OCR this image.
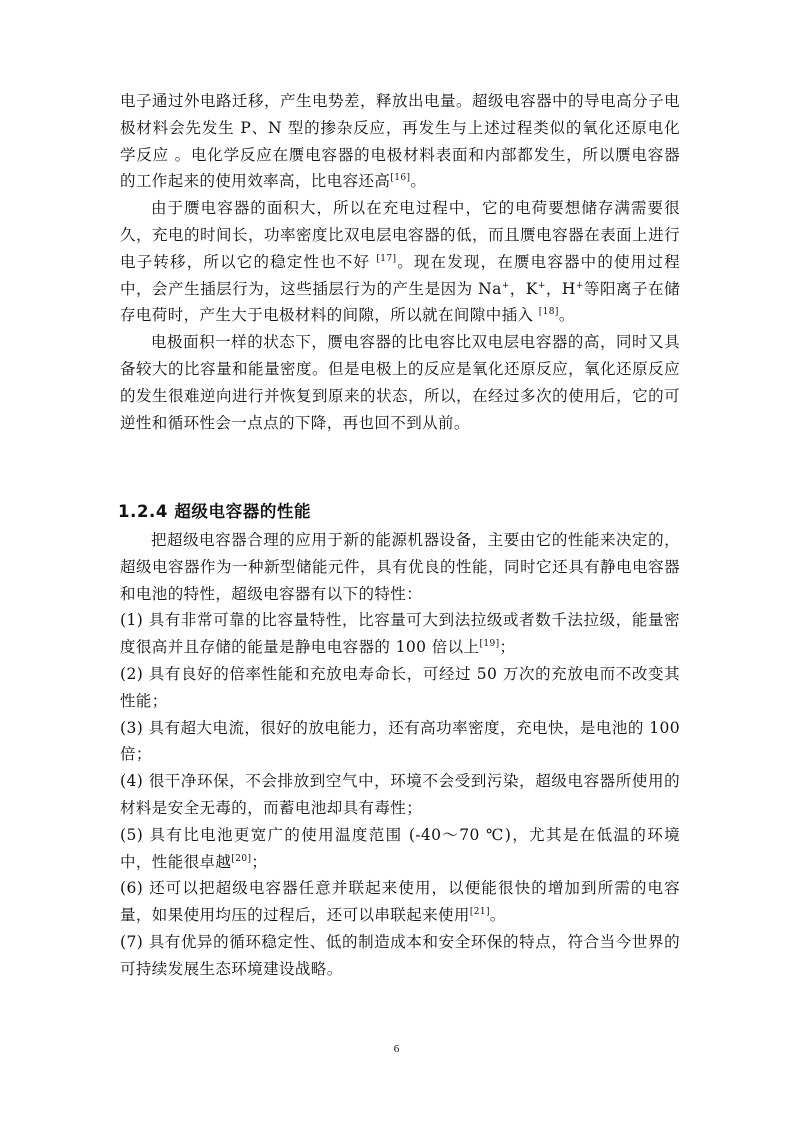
电子通过外电路迁移，产生电势差，释放出电量。超级电容器中的导电高分子电极材料会先发生 P、N 型的掺杂反应，再发生与上述过程类似的氧化还原电化学反应 。电化学反应在赝电容器的电极材料表面和内部都发生，所以赝电容器的工作起来的使用效率高，比电容还高[16]。

由于赝电容器的面积大，所以在充电过程中，它的电荷要想储存满需要很久，充电的时间长，功率密度比双电层电容器的低，而且赝电容器在表面上进行电子转移，所以它的稳定性也不好 [17]。现在发现，在赝电容器中的使用过程中，会产生插层行为，这些插层行为的产生是因为 Na+，K+，H+等阳离子在储存电荷时，产生大于电极材料的间隙，所以就在间隙中插入 [18]。

电极面积一样的状态下，赝电容器的比电容比双电层电容器的高，同时又具备较大的比容量和能量密度。但是电极上的反应是氧化还原反应，氧化还原反应的发生很难逆向进行并恢复到原来的状态，所以，在经过多次的使用后，它的可逆性和循环性会一点点的下降，再也回不到从前。

1.2.4 超级电容器的性能

把超级电容器合理的应用于新的能源机器设备，主要由它的性能来决定的，超级电容器作为一种新型储能元件，具有优良的性能，同时它还具有静电电容器和电池的特性，超级电容器有以下的特性：

(1) 具有非常可靠的比容量特性，比容量可大到法拉级或者数千法拉级，能量密度很高并且存储的能量是静电电容器的 100 倍以上[19]；

(2) 具有良好的倍率性能和充放电寿命长，可经过 50 万次的充放电而不改变其性能；

(3) 具有超大电流，很好的放电能力，还有高功率密度，充电快，是电池的 100 倍；

(4) 很干净环保，不会排放到空气中，环境不会受到污染，超级电容器所使用的材料是安全无毒的，而蓄电池却具有毒性；

(5) 具有比电池更宽广的使用温度范围 (-40～70 ℃)，尤其是在低温的环境中，性能很卓越[20]；

(6) 还可以把超级电容器任意并联起来使用，以便能很快的增加到所需的电容量，如果使用均压的过程后，还可以串联起来使用[21]。

(7) 具有优异的循环稳定性、低的制造成本和安全环保的特点，符合当今世界的可持续发展生态环境建设战略。

6
